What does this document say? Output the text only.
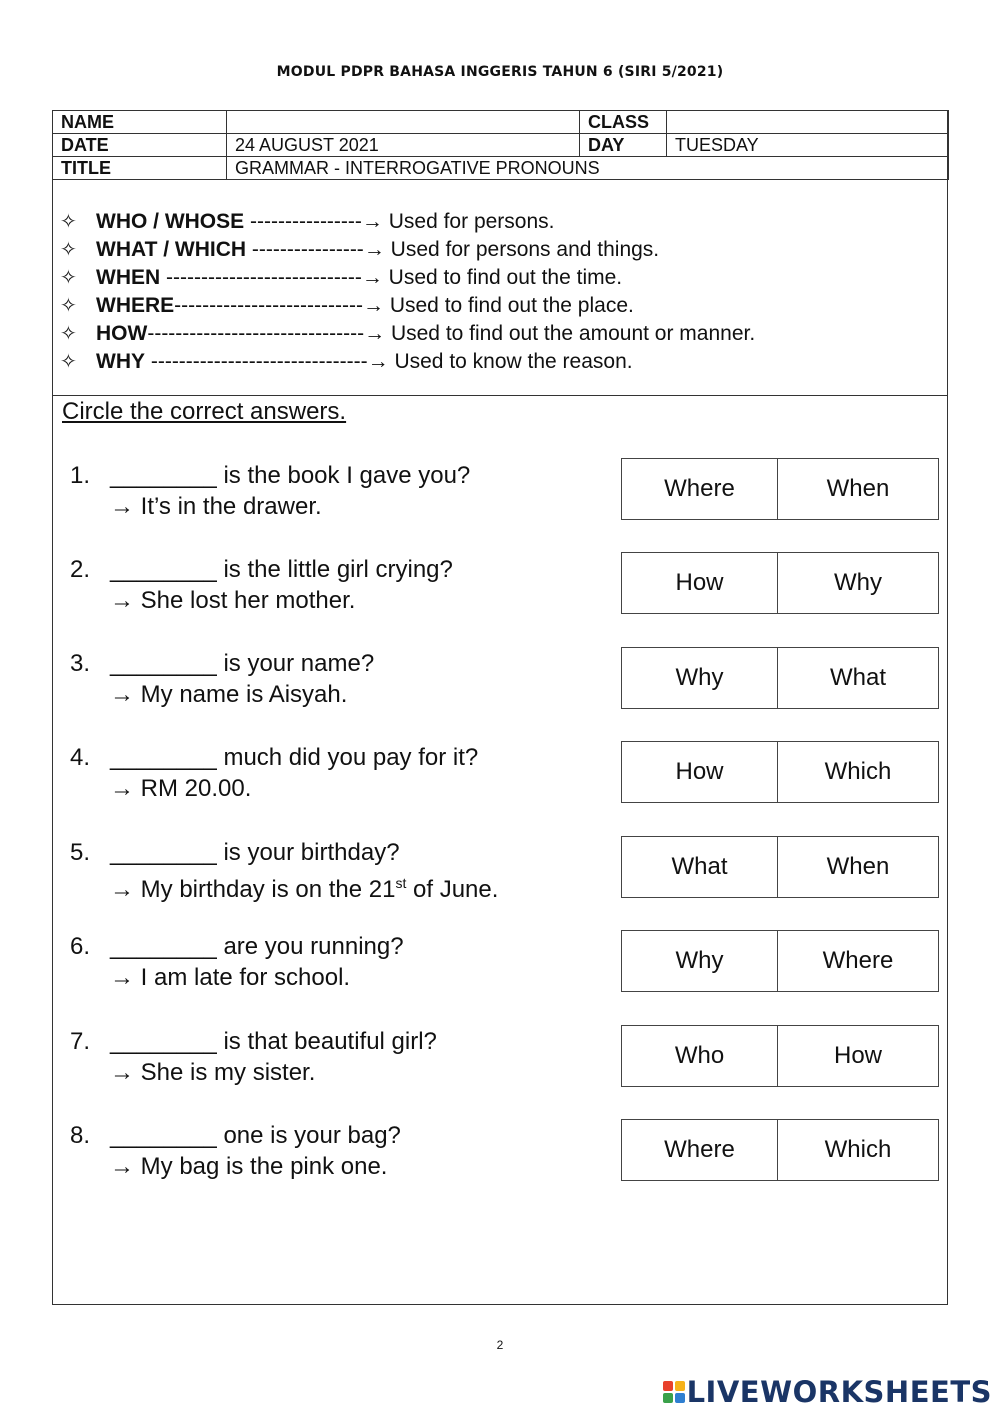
MODUL PDPR BAHASA INGGERIS TAHUN 6 (SIRI 5/2021)
NAME		CLASS	
DATE	24 AUGUST 2021	DAY	TUESDAY
TITLE	GRAMMAR - INTERROGATIVE PRONOUNS		
✧ WHO / WHOSE ----------------→ Used for persons.
✧ WHAT / WHICH ----------------→ Used for persons and things.
✧ WHEN ----------------------------→ Used to find out the time.
✧ WHERE---------------------------→ Used to find out the place.
✧ HOW-------------------------------→ Used to find out the amount or manner.
✧ WHY -------------------------------→ Used to know the reason.
Circle the correct answers.
1. ________ is the book I gave you?
→ It’s in the drawer.
Where	When
2. ________ is the little girl crying?
→ She lost her mother.
How	Why
3. ________ is your name?
→ My name is Aisyah.
Why	What
4. ________ much did you pay for it?
→ RM 20.00.
How	Which
5. ________ is your birthday?
→ My birthday is on the 21st of June.
What	When
6. ________ are you running?
→ I am late for school.
Why	Where
7. ________ is that beautiful girl?
→ She is my sister.
Who	How
8. ________ one is your bag?
→ My bag is the pink one.
Where	Which
2
LIVEWORKSHEETS
